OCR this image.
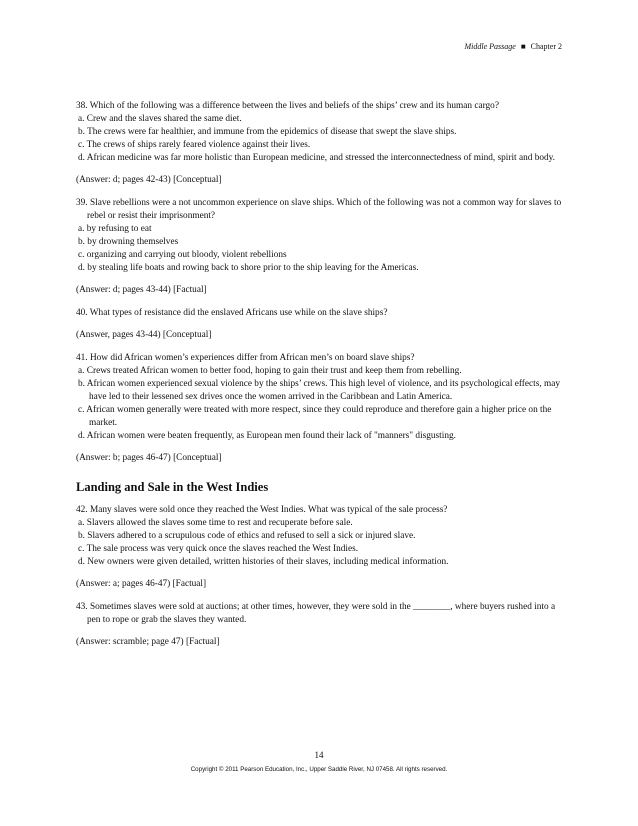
Middle Passage ■ Chapter 2

38. Which of the following was a difference between the lives and beliefs of the ships’ crew and its human cargo?

a. Crew and the slaves shared the same diet.

b. The crews were far healthier, and immune from the epidemics of disease that swept the slave ships.

c. The crews of ships rarely feared violence against their lives.

d. African medicine was far more holistic than European medicine, and stressed the interconnectedness of mind, spirit and body.

(Answer: d; pages 42-43) [Conceptual]

39. Slave rebellions were a not uncommon experience on slave ships. Which of the following was not a common way for slaves to rebel or resist their imprisonment?

a. by refusing to eat

b. by drowning themselves

c. organizing and carrying out bloody, violent rebellions

d. by stealing life boats and rowing back to shore prior to the ship leaving for the Americas.

(Answer: d; pages 43-44) [Factual]

40. What types of resistance did the enslaved Africans use while on the slave ships?

(Answer, pages 43-44) [Conceptual]

41. How did African women’s experiences differ from African men’s on board slave ships?

a. Crews treated African women to better food, hoping to gain their trust and keep them from rebelling.

b. African women experienced sexual violence by the ships’ crews. This high level of violence, and its psychological effects, may have led to their lessened sex drives once the women arrived in the Caribbean and Latin America.

c. African women generally were treated with more respect, since they could reproduce and therefore gain a higher price on the market.

d. African women were beaten frequently, as European men found their lack of "manners" disgusting.

(Answer: b; pages 46-47) [Conceptual]

Landing and Sale in the West Indies

42. Many slaves were sold once they reached the West Indies. What was typical of the sale process?

a. Slavers allowed the slaves some time to rest and recuperate before sale.

b. Slavers adhered to a scrupulous code of ethics and refused to sell a sick or injured slave.

c. The sale process was very quick once the slaves reached the West Indies.

d. New owners were given detailed, written histories of their slaves, including medical information.

(Answer: a; pages 46-47) [Factual]

43. Sometimes slaves were sold at auctions; at other times, however, they were sold in the ________, where buyers rushed into a pen to rope or grab the slaves they wanted.

(Answer: scramble; page 47) [Factual]

14
Copyright © 2011 Pearson Education, Inc., Upper Saddle River, NJ 07458. All rights reserved.
